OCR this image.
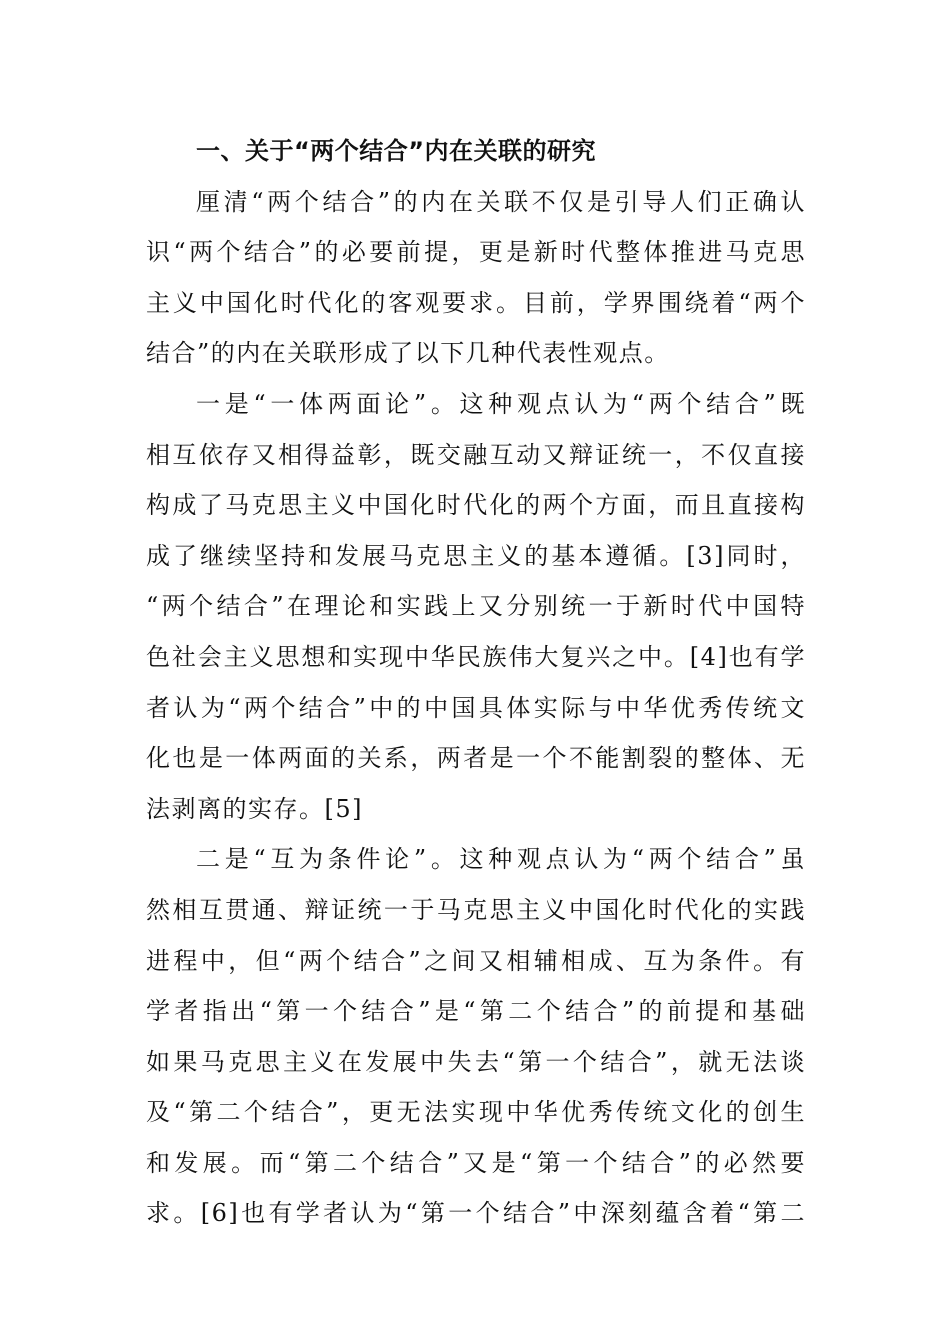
一、关于“两个结合”内在关联的研究

厘清“两个结合”的内在关联不仅是引导人们正确认
识“两个结合”的必要前提，更是新时代整体推进马克思
主义中国化时代化的客观要求。目前，学界围绕着“两个
结合”的内在关联形成了以下几种代表性观点。

一是“一体两面论”。这种观点认为“两个结合”既
相互依存又相得益彰，既交融互动又辩证统一，不仅直接
构成了马克思主义中国化时代化的两个方面，而且直接构
成了继续坚持和发展马克思主义的基本遵循。[3]同时，
“两个结合”在理论和实践上又分别统一于新时代中国特
色社会主义思想和实现中华民族伟大复兴之中。[4]也有学
者认为“两个结合”中的中国具体实际与中华优秀传统文
化也是一体两面的关系，两者是一个不能割裂的整体、无
法剥离的实存。[5]

二是“互为条件论”。这种观点认为“两个结合”虽
然相互贯通、辩证统一于马克思主义中国化时代化的实践
进程中，但“两个结合”之间又相辅相成、互为条件。有
学者指出“第一个结合”是“第二个结合”的前提和基础
如果马克思主义在发展中失去“第一个结合”，就无法谈
及“第二个结合”，更无法实现中华优秀传统文化的创生
和发展。而“第二个结合”又是“第一个结合”的必然要
求。[6]也有学者认为“第一个结合”中深刻蕴含着“第二
